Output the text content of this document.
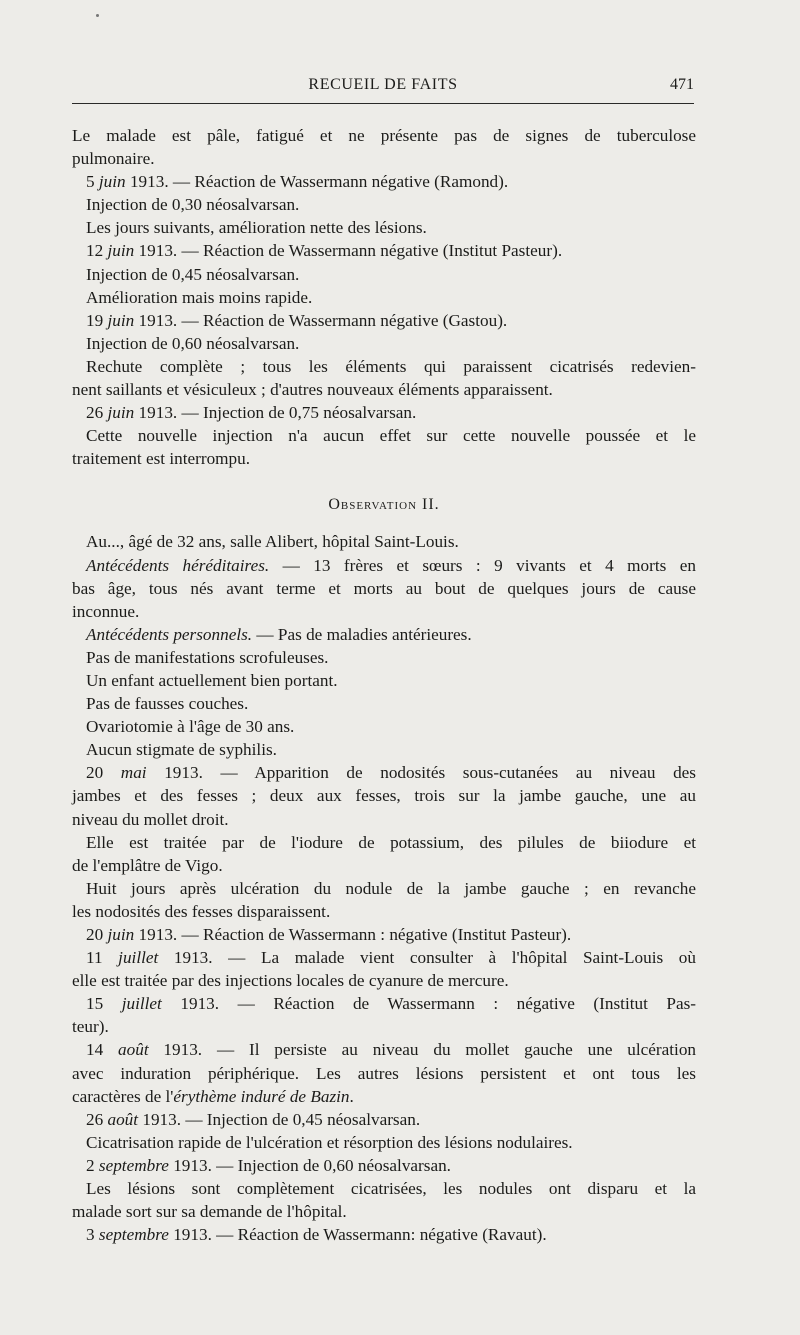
RECUEIL DE FAITS	471
Le malade est pâle, fatigué et ne présente pas de signes de tuberculose
pulmonaire.
5 juin 1913. — Réaction de Wassermann négative (Ramond).
Injection de 0,30 néosalvarsan.
Les jours suivants, amélioration nette des lésions.
12 juin 1913. — Réaction de Wassermann négative (Institut Pasteur).
Injection de 0,45 néosalvarsan.
Amélioration mais moins rapide.
19 juin 1913. — Réaction de Wassermann négative (Gastou).
Injection de 0,60 néosalvarsan.
Rechute complète ; tous les éléments qui paraissent cicatrisés redevien-
nent saillants et vésiculeux ; d'autres nouveaux éléments apparaissent.
26 juin 1913. — Injection de 0,75 néosalvarsan.
Cette nouvelle injection n'a aucun effet sur cette nouvelle poussée et le
traitement est interrompu.
Observation II.
Au..., âgé de 32 ans, salle Alibert, hôpital Saint-Louis.
Antécédents héréditaires. — 13 frères et sœurs : 9 vivants et 4 morts en
bas âge, tous nés avant terme et morts au bout de quelques jours de cause
inconnue.
Antécédents personnels. — Pas de maladies antérieures.
Pas de manifestations scrofuleuses.
Un enfant actuellement bien portant.
Pas de fausses couches.
Ovariotomie à l'âge de 30 ans.
Aucun stigmate de syphilis.
20 mai 1913. — Apparition de nodosités sous-cutanées au niveau des
jambes et des fesses ; deux aux fesses, trois sur la jambe gauche, une au
niveau du mollet droit.
Elle est traitée par de l'iodure de potassium, des pilules de biiodure et
de l'emplâtre de Vigo.
Huit jours après ulcération du nodule de la jambe gauche ; en revanche
les nodosités des fesses disparaissent.
20 juin 1913. — Réaction de Wassermann : négative (Institut Pasteur).
11 juillet 1913. — La malade vient consulter à l'hôpital Saint-Louis où
elle est traitée par des injections locales de cyanure de mercure.
15 juillet 1913. — Réaction de Wassermann : négative (Institut Pas-
teur).
14 août 1913. — Il persiste au niveau du mollet gauche une ulcération
avec induration périphérique. Les autres lésions persistent et ont tous les
caractères de l'érythème induré de Bazin.
26 août 1913. — Injection de 0,45 néosalvarsan.
Cicatrisation rapide de l'ulcération et résorption des lésions nodulaires.
2 septembre 1913. — Injection de 0,60 néosalvarsan.
Les lésions sont complètement cicatrisées, les nodules ont disparu et la
malade sort sur sa demande de l'hôpital.
3 septembre 1913. — Réaction de Wassermann: négative (Ravaut).
